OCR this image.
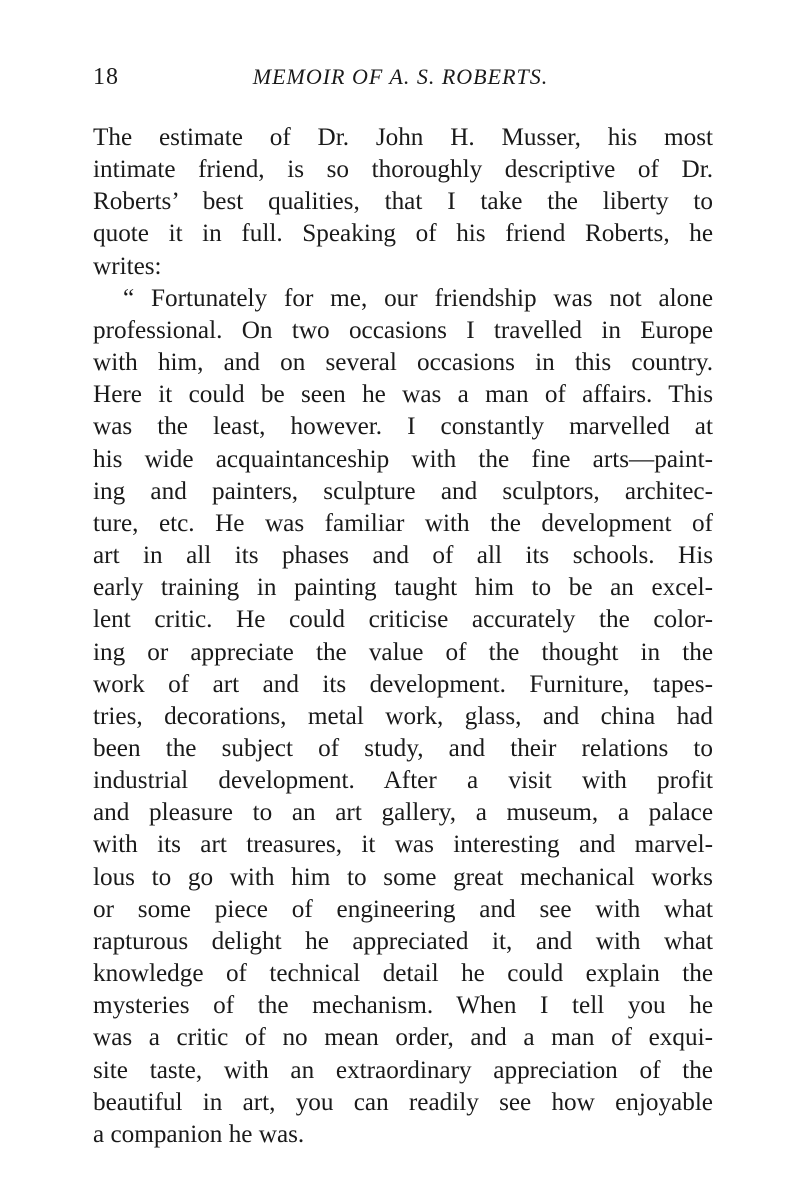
18	MEMOIR OF A. S. ROBERTS.
The estimate of Dr. John H. Musser, his most
intimate friend, is so thoroughly descriptive of Dr.
Roberts’ best qualities, that I take the liberty to
quote it in full. Speaking of his friend Roberts, he
writes:
“ Fortunately for me, our friendship was not alone
professional. On two occasions I travelled in Europe
with him, and on several occasions in this country.
Here it could be seen he was a man of affairs. This
was the least, however. I constantly marvelled at
his wide acquaintanceship with the fine arts—paint-
ing and painters, sculpture and sculptors, architec-
ture, etc. He was familiar with the development of
art in all its phases and of all its schools. His
early training in painting taught him to be an excel-
lent critic. He could criticise accurately the color-
ing or appreciate the value of the thought in the
work of art and its development. Furniture, tapes-
tries, decorations, metal work, glass, and china had
been the subject of study, and their relations to
industrial development. After a visit with profit
and pleasure to an art gallery, a museum, a palace
with its art treasures, it was interesting and marvel-
lous to go with him to some great mechanical works
or some piece of engineering and see with what
rapturous delight he appreciated it, and with what
knowledge of technical detail he could explain the
mysteries of the mechanism. When I tell you he
was a critic of no mean order, and a man of exqui-
site taste, with an extraordinary appreciation of the
beautiful in art, you can readily see how enjoyable
a companion he was.
